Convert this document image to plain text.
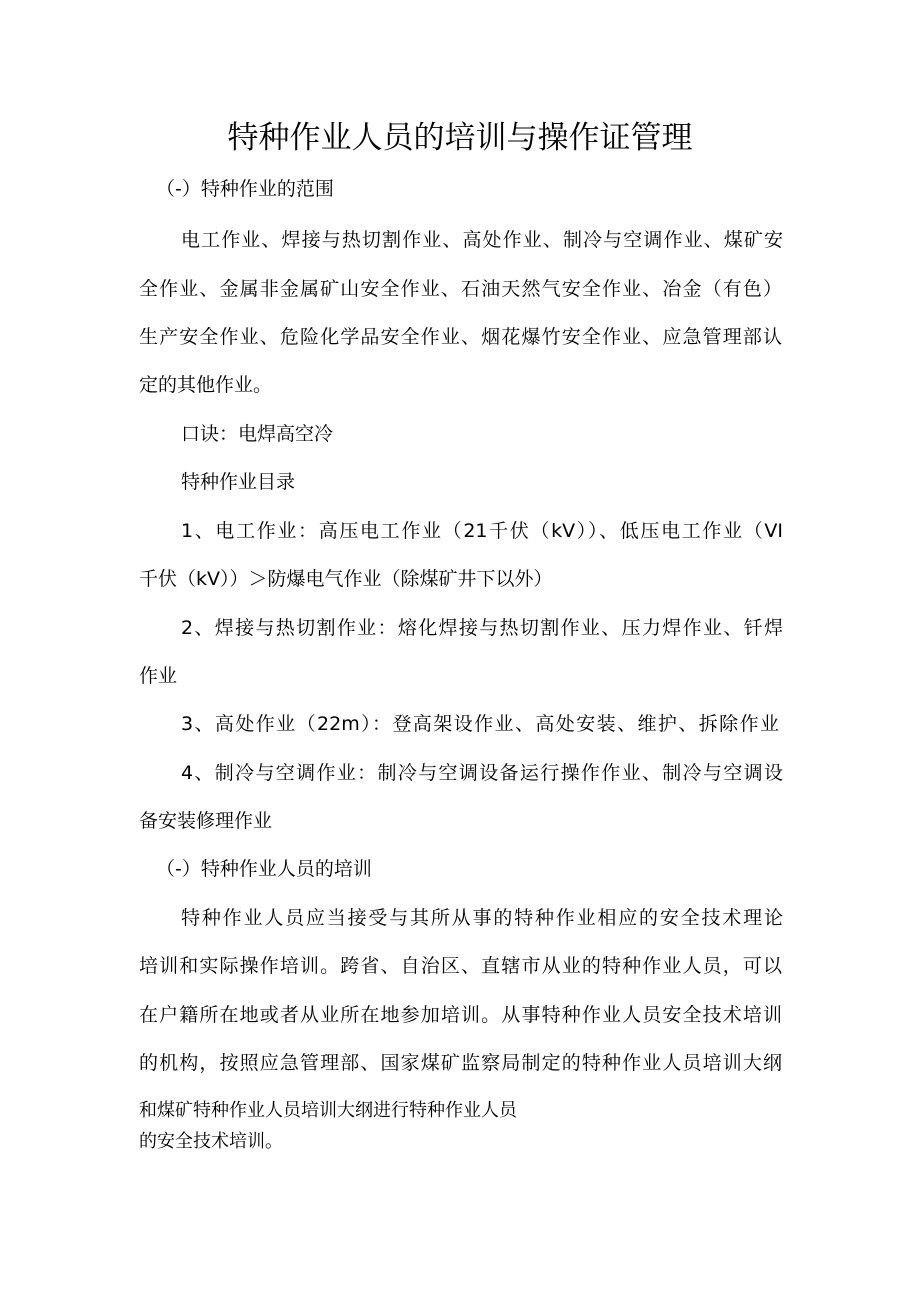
特种作业人员的培训与操作证管理
（-）特种作业的范围
电工作业、焊接与热切割作业、高处作业、制冷与空调作业、煤矿安
全作业、金属非金属矿山安全作业、石油天然气安全作业、冶金（有色）
生产安全作业、危险化学品安全作业、烟花爆竹安全作业、应急管理部认
定的其他作业。
口诀：电焊高空冷
特种作业目录
1、电工作业：高压电工作业（21千伏（kV））、低压电工作业（VI
千伏（kV））＞防爆电气作业（除煤矿井下以外）
2、焊接与热切割作业：熔化焊接与热切割作业、压力焊作业、钎焊
作业
3、高处作业（22m）：登高架设作业、高处安装、维护、拆除作业
4、制冷与空调作业：制冷与空调设备运行操作作业、制冷与空调设
备安装修理作业
（-）特种作业人员的培训
特种作业人员应当接受与其所从事的特种作业相应的安全技术理论
培训和实际操作培训。跨省、自治区、直辖市从业的特种作业人员，可以
在户籍所在地或者从业所在地参加培训。从事特种作业人员安全技术培训
的机构，按照应急管理部、国家煤矿监察局制定的特种作业人员培训大纲
和煤矿特种作业人员培训大纲进行特种作业人员
的安全技术培训。
